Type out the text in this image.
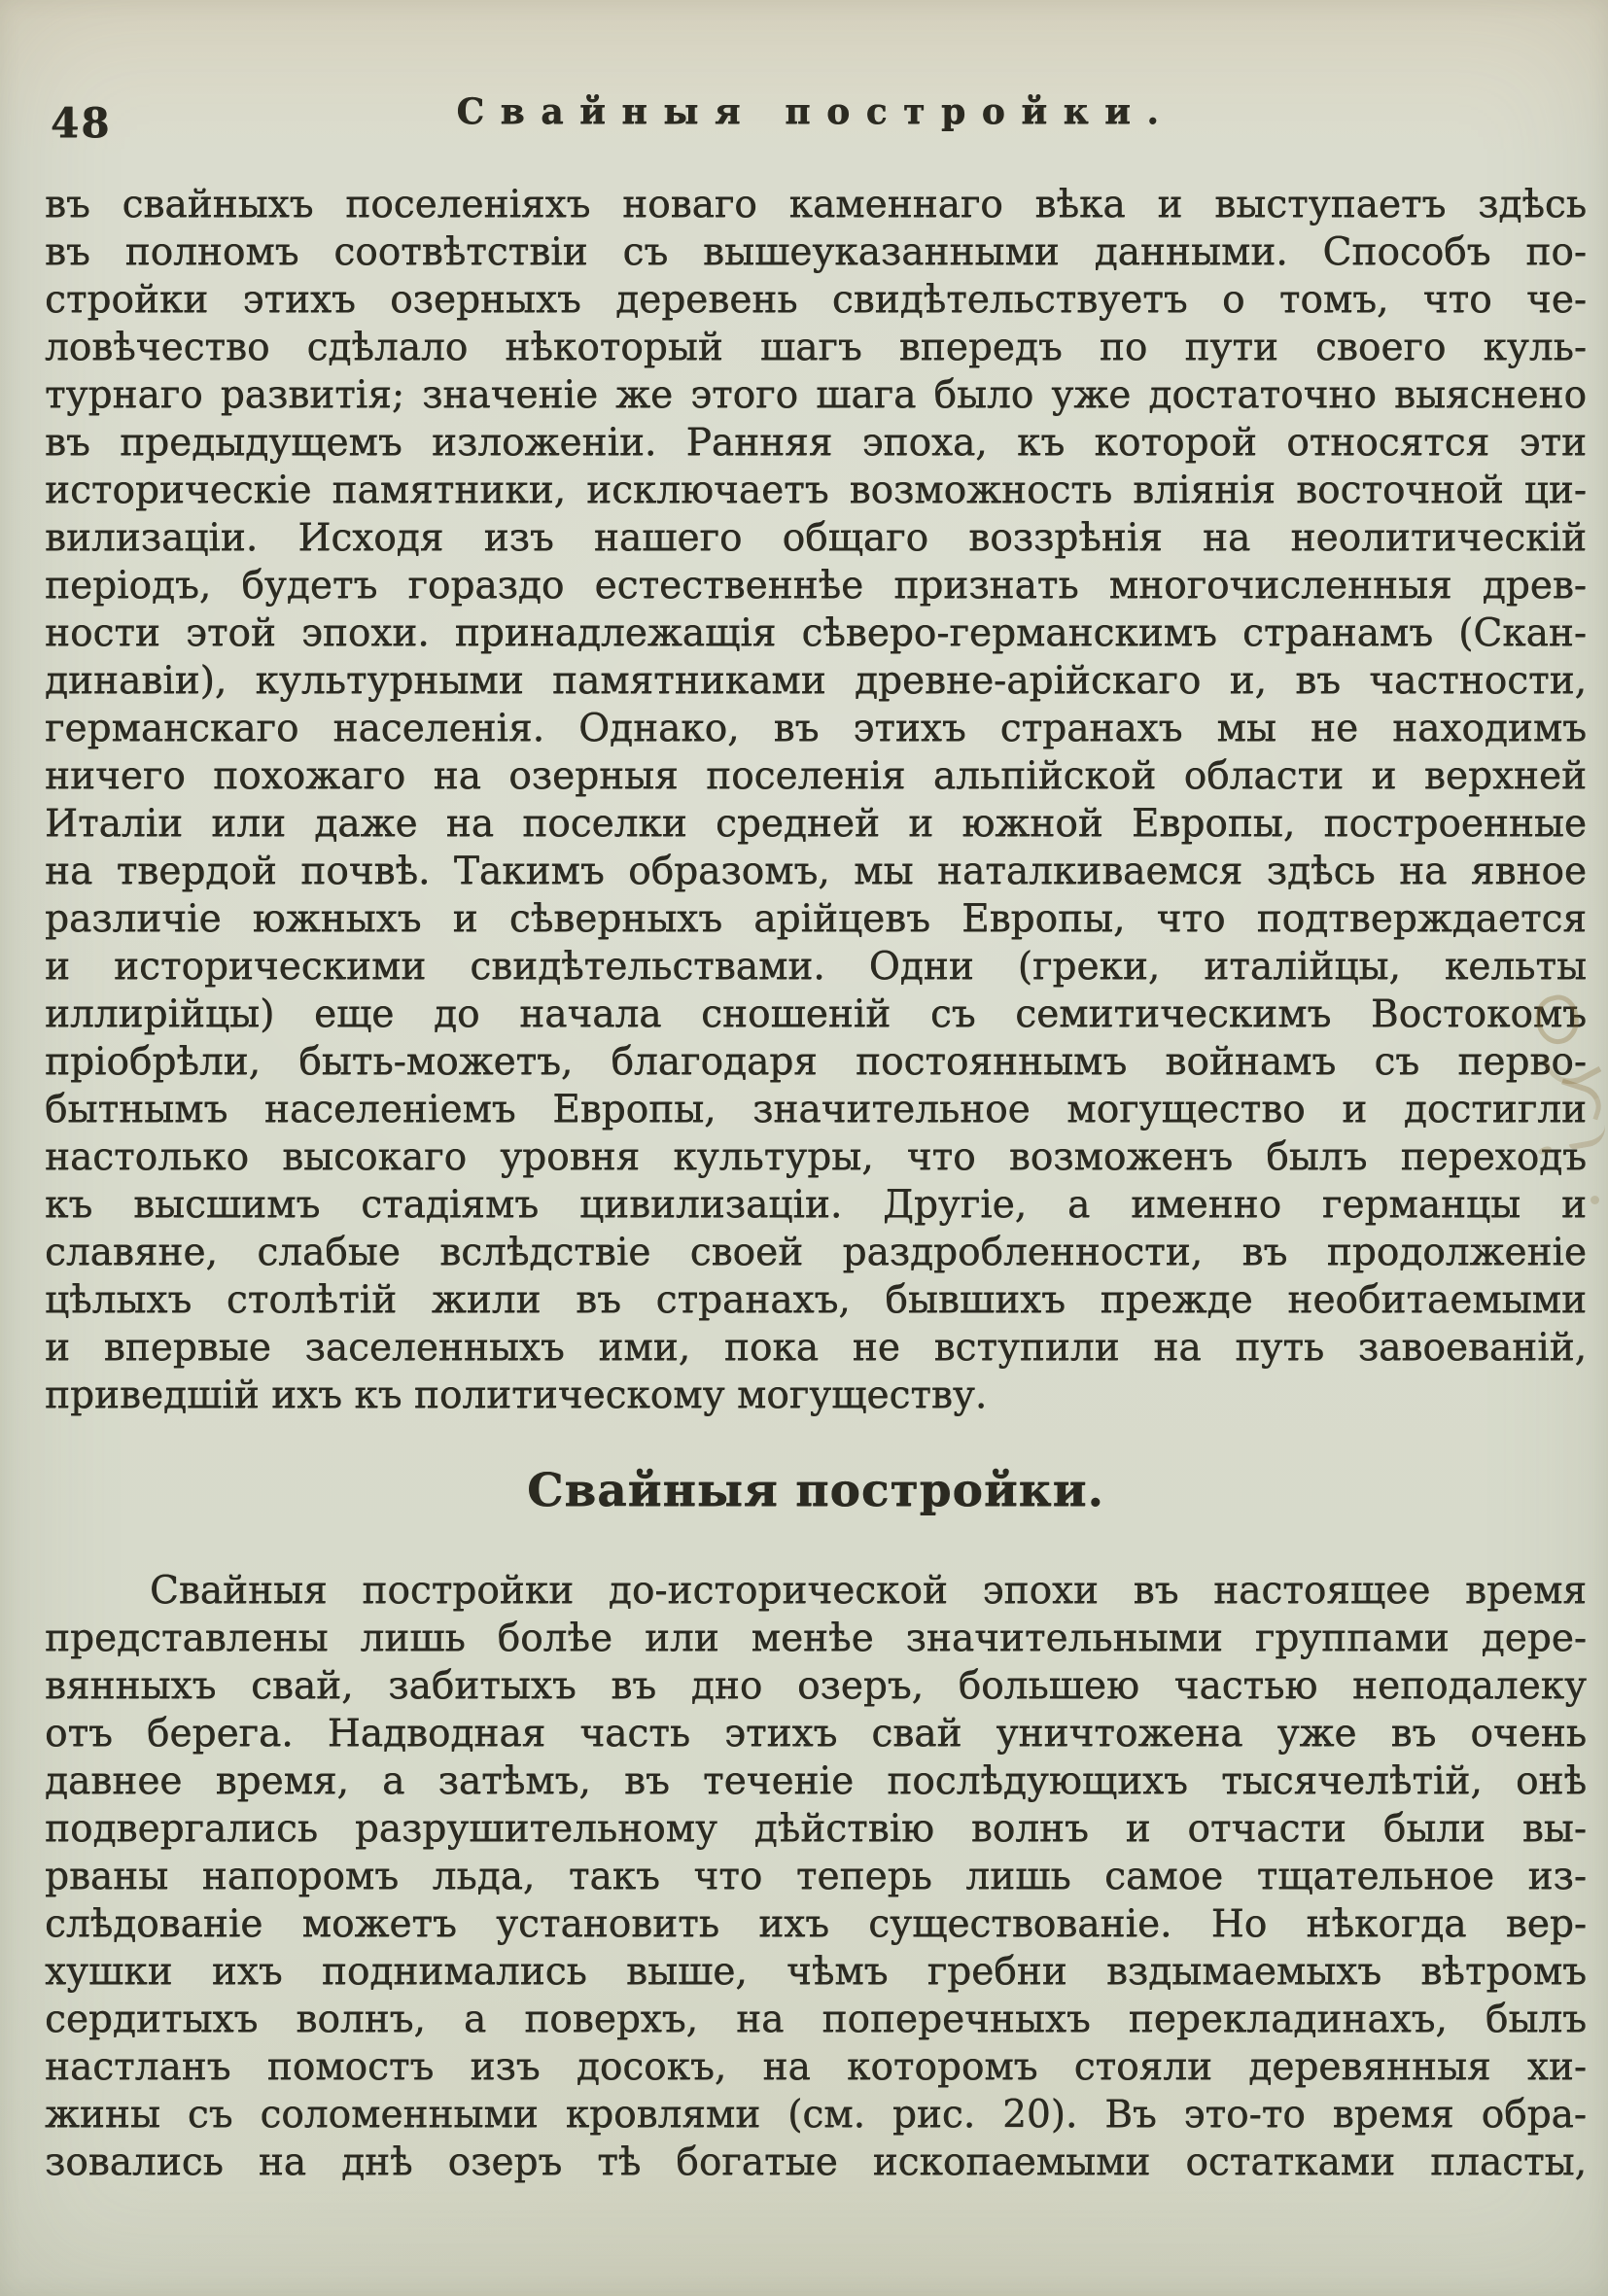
48	Свайныя постройки.
въ свайныхъ поселеніяхъ новаго каменнаго вѣка и выступаетъ здѣсь
въ полномъ соотвѣтствіи съ вышеуказанными данными. Способъ по-
стройки этихъ озерныхъ деревень свидѣтельствуетъ о томъ, что че-
ловѣчество сдѣлало нѣкоторый шагъ впередъ по пути своего куль-
турнаго развитія; значеніе же этого шага было уже достаточно выяснено
въ предыдущемъ изложеніи. Ранняя эпоха, къ которой относятся эти
историческіе памятники, исключаетъ возможность вліянія восточной ци-
вилизаціи. Исходя изъ нашего общаго воззрѣнія на неолитическій
періодъ, будетъ гораздо естественнѣе признать многочисленныя древ-
ности этой эпохи. принадлежащія сѣверо-германскимъ странамъ (Скан-
динавіи), культурными памятниками древне-арійскаго и, въ частности,
германскаго населенія. Однако, въ этихъ странахъ мы не находимъ
ничего похожаго на озерныя поселенія альпійской области и верхней
Италіи или даже на поселки средней и южной Европы, построенные
на твердой почвѣ. Такимъ образомъ, мы наталкиваемся здѣсь на явное
различіе южныхъ и сѣверныхъ арійцевъ Европы, что подтверждается
и историческими свидѣтельствами. Одни (греки, италійцы, кельты
иллирійцы) еще до начала сношеній съ семитическимъ Востокомъ
пріобрѣли, быть-можетъ, благодаря постояннымъ войнамъ съ перво-
бытнымъ населеніемъ Европы, значительное могущество и достигли
настолько высокаго уровня культуры, что возможенъ былъ переходъ
къ высшимъ стадіямъ цивилизаціи. Другіе, а именно германцы и
славяне, слабые вслѣдствіе своей раздробленности, въ продолженіе
цѣлыхъ столѣтій жили въ странахъ, бывшихъ прежде необитаемыми
и впервые заселенныхъ ими, пока не вступили на путь завоеваній,
приведшій ихъ къ политическому могуществу.
Свайныя постройки.
Свайныя постройки до-исторической эпохи въ настоящее время
представлены лишь болѣе или менѣе значительными группами дере-
вянныхъ свай, забитыхъ въ дно озеръ, большею частью неподалеку
отъ берега. Надводная часть этихъ свай уничтожена уже въ очень
давнее время, а затѣмъ, въ теченіе послѣдующихъ тысячелѣтій, онѣ
подвергались разрушительному дѣйствію волнъ и отчасти были вы-
рваны напоромъ льда, такъ что теперь лишь самое тщательное из-
слѣдованіе можетъ установить ихъ существованіе. Но нѣкогда вер-
хушки ихъ поднимались выше, чѣмъ гребни вздымаемыхъ вѣтромъ
сердитыхъ волнъ, а поверхъ, на поперечныхъ перекладинахъ, былъ
настланъ помостъ изъ досокъ, на которомъ стояли деревянныя хи-
жины съ соломенными кровлями (см. рис. 20). Въ это-то время обра-
зовались на днѣ озеръ тѣ богатые ископаемыми остатками пласты,
